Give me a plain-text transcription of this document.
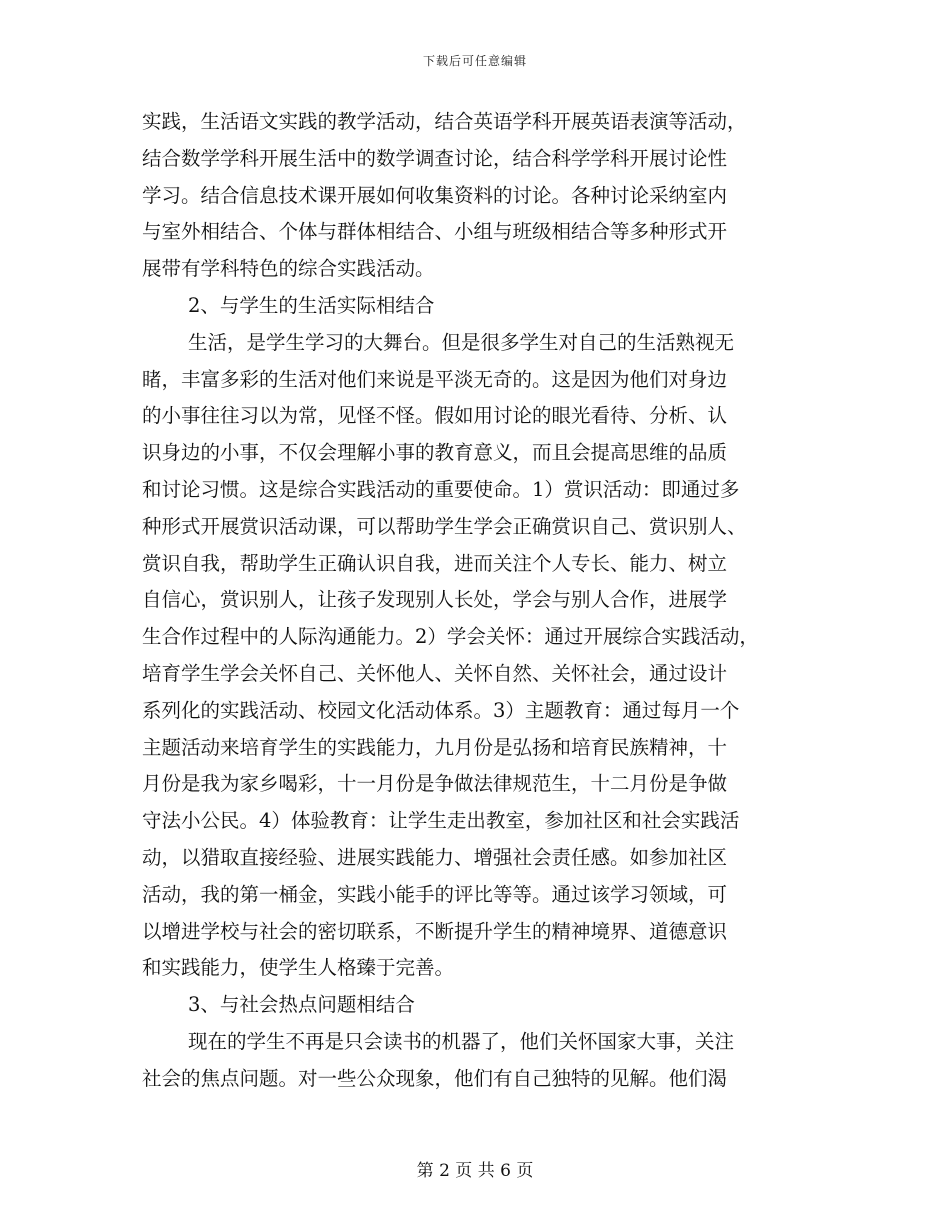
下载后可任意编辑
实践，生活语文实践的教学活动，结合英语学科开展英语表演等活动，
结合数学学科开展生活中的数学调查讨论，结合科学学科开展讨论性
学习。结合信息技术课开展如何收集资料的讨论。各种讨论采纳室内
与室外相结合、个体与群体相结合、小组与班级相结合等多种形式开
展带有学科特色的综合实践活动。
2、与学生的生活实际相结合
生活，是学生学习的大舞台。但是很多学生对自己的生活熟视无
睹，丰富多彩的生活对他们来说是平淡无奇的。这是因为他们对身边
的小事往往习以为常，见怪不怪。假如用讨论的眼光看待、分析、认
识身边的小事，不仅会理解小事的教育意义，而且会提高思维的品质
和讨论习惯。这是综合实践活动的重要使命。1）赏识活动：即通过多
种形式开展赏识活动课，可以帮助学生学会正确赏识自己、赏识别人、
赏识自我，帮助学生正确认识自我，进而关注个人专长、能力、树立
自信心，赏识别人，让孩子发现别人长处，学会与别人合作，进展学
生合作过程中的人际沟通能力。2）学会关怀：通过开展综合实践活动，
培育学生学会关怀自己、关怀他人、关怀自然、关怀社会，通过设计
系列化的实践活动、校园文化活动体系。3）主题教育：通过每月一个
主题活动来培育学生的实践能力，九月份是弘扬和培育民族精神，十
月份是我为家乡喝彩，十一月份是争做法律规范生，十二月份是争做
守法小公民。4）体验教育：让学生走出教室，参加社区和社会实践活
动，以猎取直接经验、进展实践能力、增强社会责任感。如参加社区
活动，我的第一桶金，实践小能手的评比等等。通过该学习领域，可
以增进学校与社会的密切联系，不断提升学生的精神境界、道德意识
和实践能力，使学生人格臻于完善。
3、与社会热点问题相结合
现在的学生不再是只会读书的机器了，他们关怀国家大事，关注
社会的焦点问题。对一些公众现象，他们有自己独特的见解。他们渴
第 2 页 共 6 页
